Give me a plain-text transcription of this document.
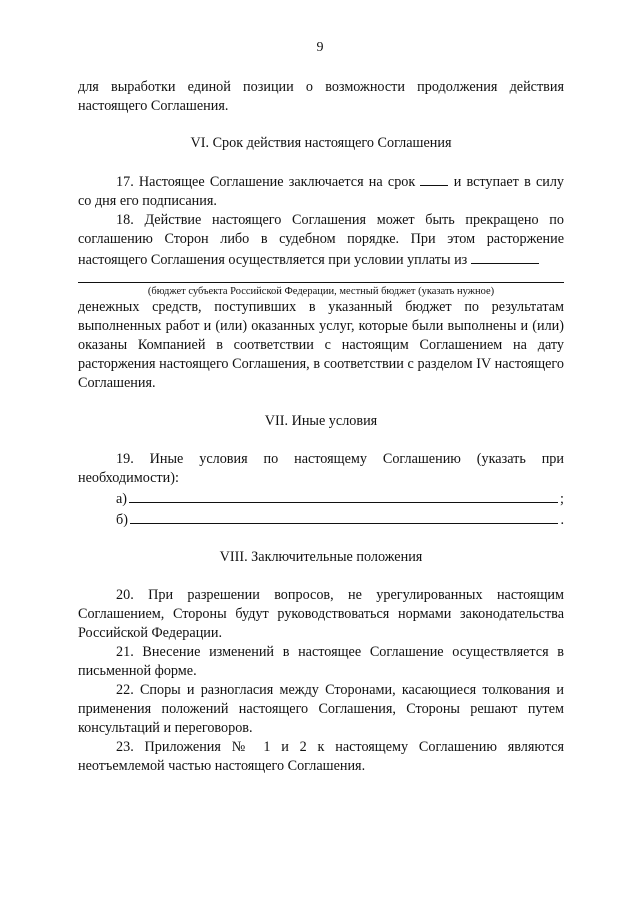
9

для выработки единой позиции о возможности продолжения действия настоящего Соглашения.

VI. Срок действия настоящего Соглашения

17. Настоящее Соглашение заключается на срок	и вступает в силу со дня его подписания.

18. Действие настоящего Соглашения может быть прекращено по соглашению Сторон либо в судебном порядке. При этом расторжение настоящего Соглашения осуществляется при условии уплаты из

(бюджет субъекта Российской Федерации, местный бюджет (указать нужное)

денежных средств, поступивших в указанный бюджет по результатам выполненных работ и (или) оказанных услуг, которые были выполнены и (или) оказаны Компанией в соответствии с настоящим Соглашением на дату расторжения настоящего Соглашения, в соответствии с разделом IV настоящего Соглашения.

VII. Иные условия

19. Иные условия по настоящему Соглашению (указать при необходимости):

а)	;
б)	.
VIII. Заключительные положения

20. При разрешении вопросов, не урегулированных настоящим Соглашением, Стороны будут руководствоваться нормами законодательства Российской Федерации.

21. Внесение изменений в настоящее Соглашение осуществляется в письменной форме.

22. Споры и разногласия между Сторонами, касающиеся толкования и применения положений настоящего Соглашения, Стороны решают путем консультаций и переговоров.

23. Приложения № 1 и 2 к настоящему Соглашению являются неотъемлемой частью настоящего Соглашения.
